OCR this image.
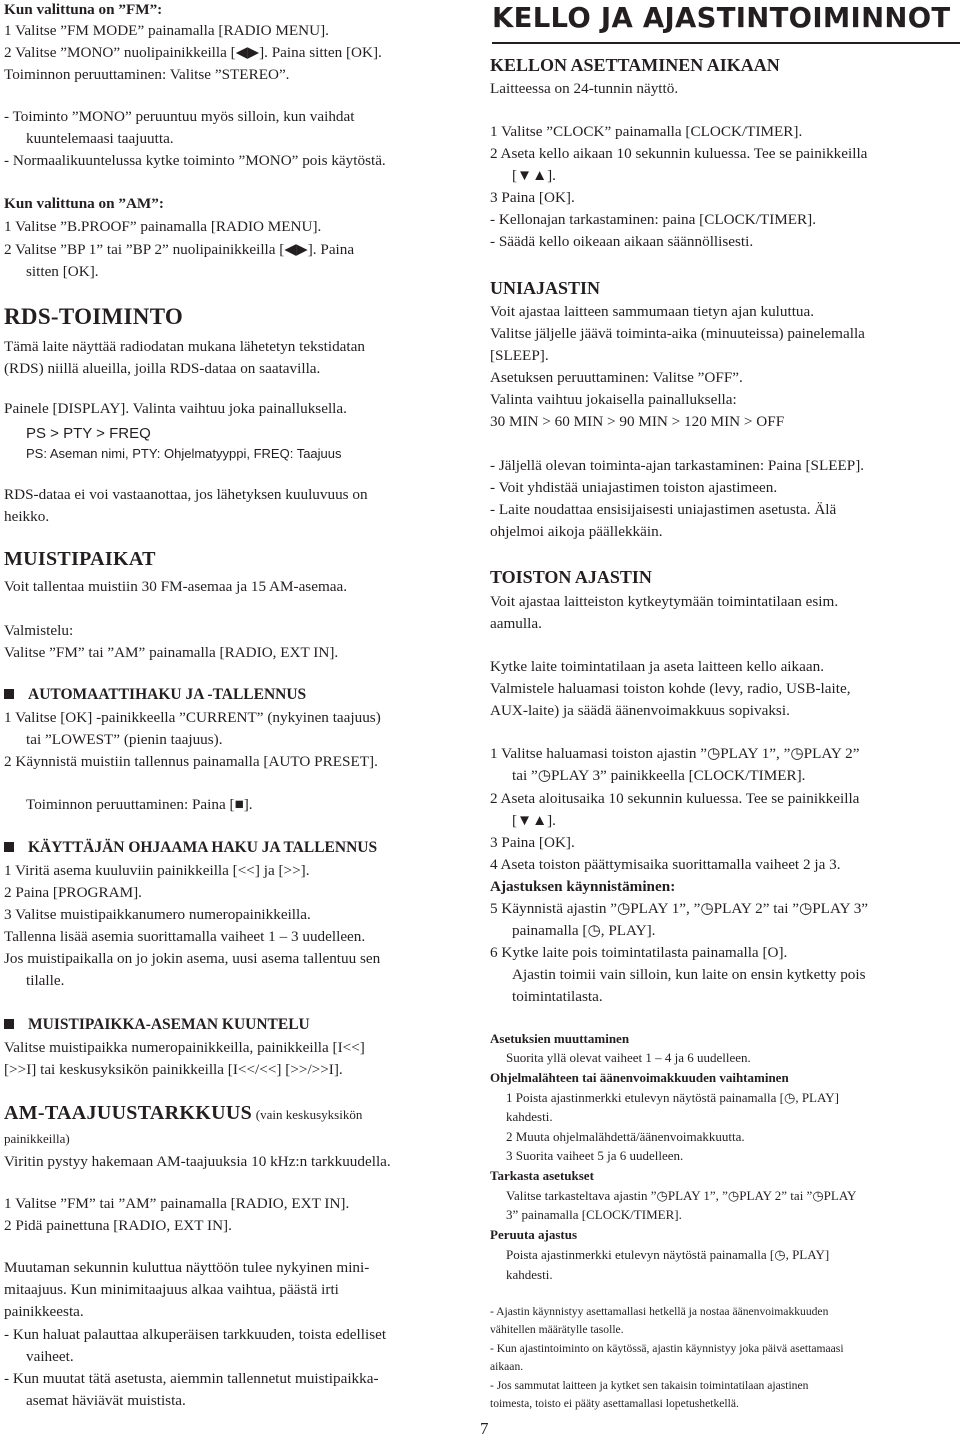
Kun valittuna on ”FM”:
1 Valitse ”FM MODE” painamalla [RADIO MENU].
2 Valitse ”MONO” nuolipainikkeilla [◀▶]. Paina sitten [OK].
Toiminnon peruuttaminen: Valitse ”STEREO”.
- Toiminto ”MONO” peruuntuu myös silloin, kun vaihdat
kuuntelemaasi taajuutta.
- Normaalikuuntelussa kytke toiminto ”MONO” pois käytöstä.
Kun valittuna on ”AM”:
1 Valitse ”B.PROOF” painamalla [RADIO MENU].
2 Valitse ”BP 1” tai ”BP 2” nuolipainikkeilla [◀▶]. Paina
sitten [OK].
RDS-TOIMINTO
Tämä laite näyttää radiodatan mukana lähetetyn tekstidatan
(RDS) niillä alueilla, joilla RDS-dataa on saatavilla.
Painele [DISPLAY]. Valinta vaihtuu joka painalluksella.
PS > PTY > FREQ
PS: Aseman nimi, PTY: Ohjelmatyyppi, FREQ: Taajuus
RDS-dataa ei voi vastaanottaa, jos lähetyksen kuuluvuus on
heikko.
MUISTIPAIKAT
Voit tallentaa muistiin 30 FM-asemaa ja 15 AM-asemaa.
Valmistelu:
Valitse ”FM” tai ”AM” painamalla [RADIO, EXT IN].
AUTOMAATTIHAKU JA -TALLENNUS
1 Valitse [OK] -painikkeella ”CURRENT” (nykyinen taajuus)
tai ”LOWEST” (pienin taajuus).
2 Käynnistä muistiin tallennus painamalla [AUTO PRESET].
Toiminnon peruuttaminen: Paina [■].
KÄYTTÄJÄN OHJAAMA HAKU JA TALLENNUS
1 Viritä asema kuuluviin painikkeilla [<<] ja [>>].
2 Paina [PROGRAM].
3 Valitse muistipaikkanumero numeropainikkeilla.
Tallenna lisää asemia suorittamalla vaiheet 1 – 3 uudelleen.
Jos muistipaikalla on jo jokin asema, uusi asema tallentuu sen
tilalle.
MUISTIPAIKKA-ASEMAN KUUNTELU
Valitse muistipaikka numeropainikkeilla, painikkeilla [I<<]
[>>I] tai keskusyksikön painikkeilla [I<</<<] [>>/>>I].
AM-TAAJUUSTARKKUUS (vain keskusyksikön
painikkeilla)
Viritin pystyy hakemaan AM-taajuuksia 10 kHz:n tarkkuudella.
1 Valitse ”FM” tai ”AM” painamalla [RADIO, EXT IN].
2 Pidä painettuna [RADIO, EXT IN].
Muutaman sekunnin kuluttua näyttöön tulee nykyinen mini-
mitaajuus. Kun minimitaajuus alkaa vaihtua, päästä irti
painikkeesta.
- Kun haluat palauttaa alkuperäisen tarkkuuden, toista edelliset
vaiheet.
- Kun muutat tätä asetusta, aiemmin tallennetut muistipaikka-
asemat häviävät muistista.
KELLO JA AJASTINTOIMINNOT
KELLON ASETTAMINEN AIKAAN
Laitteessa on 24-tunnin näyttö.
1 Valitse ”CLOCK” painamalla [CLOCK/TIMER].
2 Aseta kello aikaan 10 sekunnin kuluessa. Tee se painikkeilla
[▼▲].
3 Paina [OK].
- Kellonajan tarkastaminen: paina [CLOCK/TIMER].
- Säädä kello oikeaan aikaan säännöllisesti.
UNIAJASTIN
Voit ajastaa laitteen sammumaan tietyn ajan kuluttua.
Valitse jäljelle jäävä toiminta-aika (minuuteissa) painelemalla
[SLEEP].
Asetuksen peruuttaminen: Valitse ”OFF”.
Valinta vaihtuu jokaisella painalluksella:
30 MIN > 60 MIN > 90 MIN > 120 MIN > OFF
- Jäljellä olevan toiminta-ajan tarkastaminen: Paina [SLEEP].
- Voit yhdistää uniajastimen toiston ajastimeen.
- Laite noudattaa ensisijaisesti uniajastimen asetusta. Älä
ohjelmoi aikoja päällekkäin.
TOISTON AJASTIN
Voit ajastaa laitteiston kytkeytymään toimintatilaan esim.
aamulla.
Kytke laite toimintatilaan ja aseta laitteen kello aikaan.
Valmistele haluamasi toiston kohde (levy, radio, USB-laite,
AUX-laite) ja säädä äänenvoimakkuus sopivaksi.
1 Valitse haluamasi toiston ajastin ”◷PLAY 1”, ”◷PLAY 2”
tai ”◷PLAY 3” painikkeella [CLOCK/TIMER].
2 Aseta aloitusaika 10 sekunnin kuluessa. Tee se painikkeilla
[▼▲].
3 Paina [OK].
4 Aseta toiston päättymisaika suorittamalla vaiheet 2 ja 3.
Ajastuksen käynnistäminen:
5 Käynnistä ajastin ”◷PLAY 1”, ”◷PLAY 2” tai ”◷PLAY 3”
painamalla [◷, PLAY].
6 Kytke laite pois toimintatilasta painamalla [O].
Ajastin toimii vain silloin, kun laite on ensin kytketty pois
toimintatilasta.
Asetuksien muuttaminen
Suorita yllä olevat vaiheet 1 – 4 ja 6 uudelleen.
Ohjelmalähteen tai äänenvoimakkuuden vaihtaminen
1 Poista ajastinmerkki etulevyn näytöstä painamalla [◷, PLAY]
kahdesti.
2 Muuta ohjelmalähdettä/äänenvoimakkuutta.
3 Suorita vaiheet 5 ja 6 uudelleen.
Tarkasta asetukset
Valitse tarkasteltava ajastin ”◷PLAY 1”, ”◷PLAY 2” tai ”◷PLAY
3” painamalla [CLOCK/TIMER].
Peruuta ajastus
Poista ajastinmerkki etulevyn näytöstä painamalla [◷, PLAY]
kahdesti.
- Ajastin käynnistyy asettamallasi hetkellä ja nostaa äänenvoimakkuuden
vähitellen määrätylle tasolle.
- Kun ajastintoiminto on käytössä, ajastin käynnistyy joka päivä asettamaasi
aikaan.
- Jos sammutat laitteen ja kytket sen takaisin toimintatilaan ajastinen
toimesta, toisto ei pääty asettamallasi lopetushetkellä.
7
